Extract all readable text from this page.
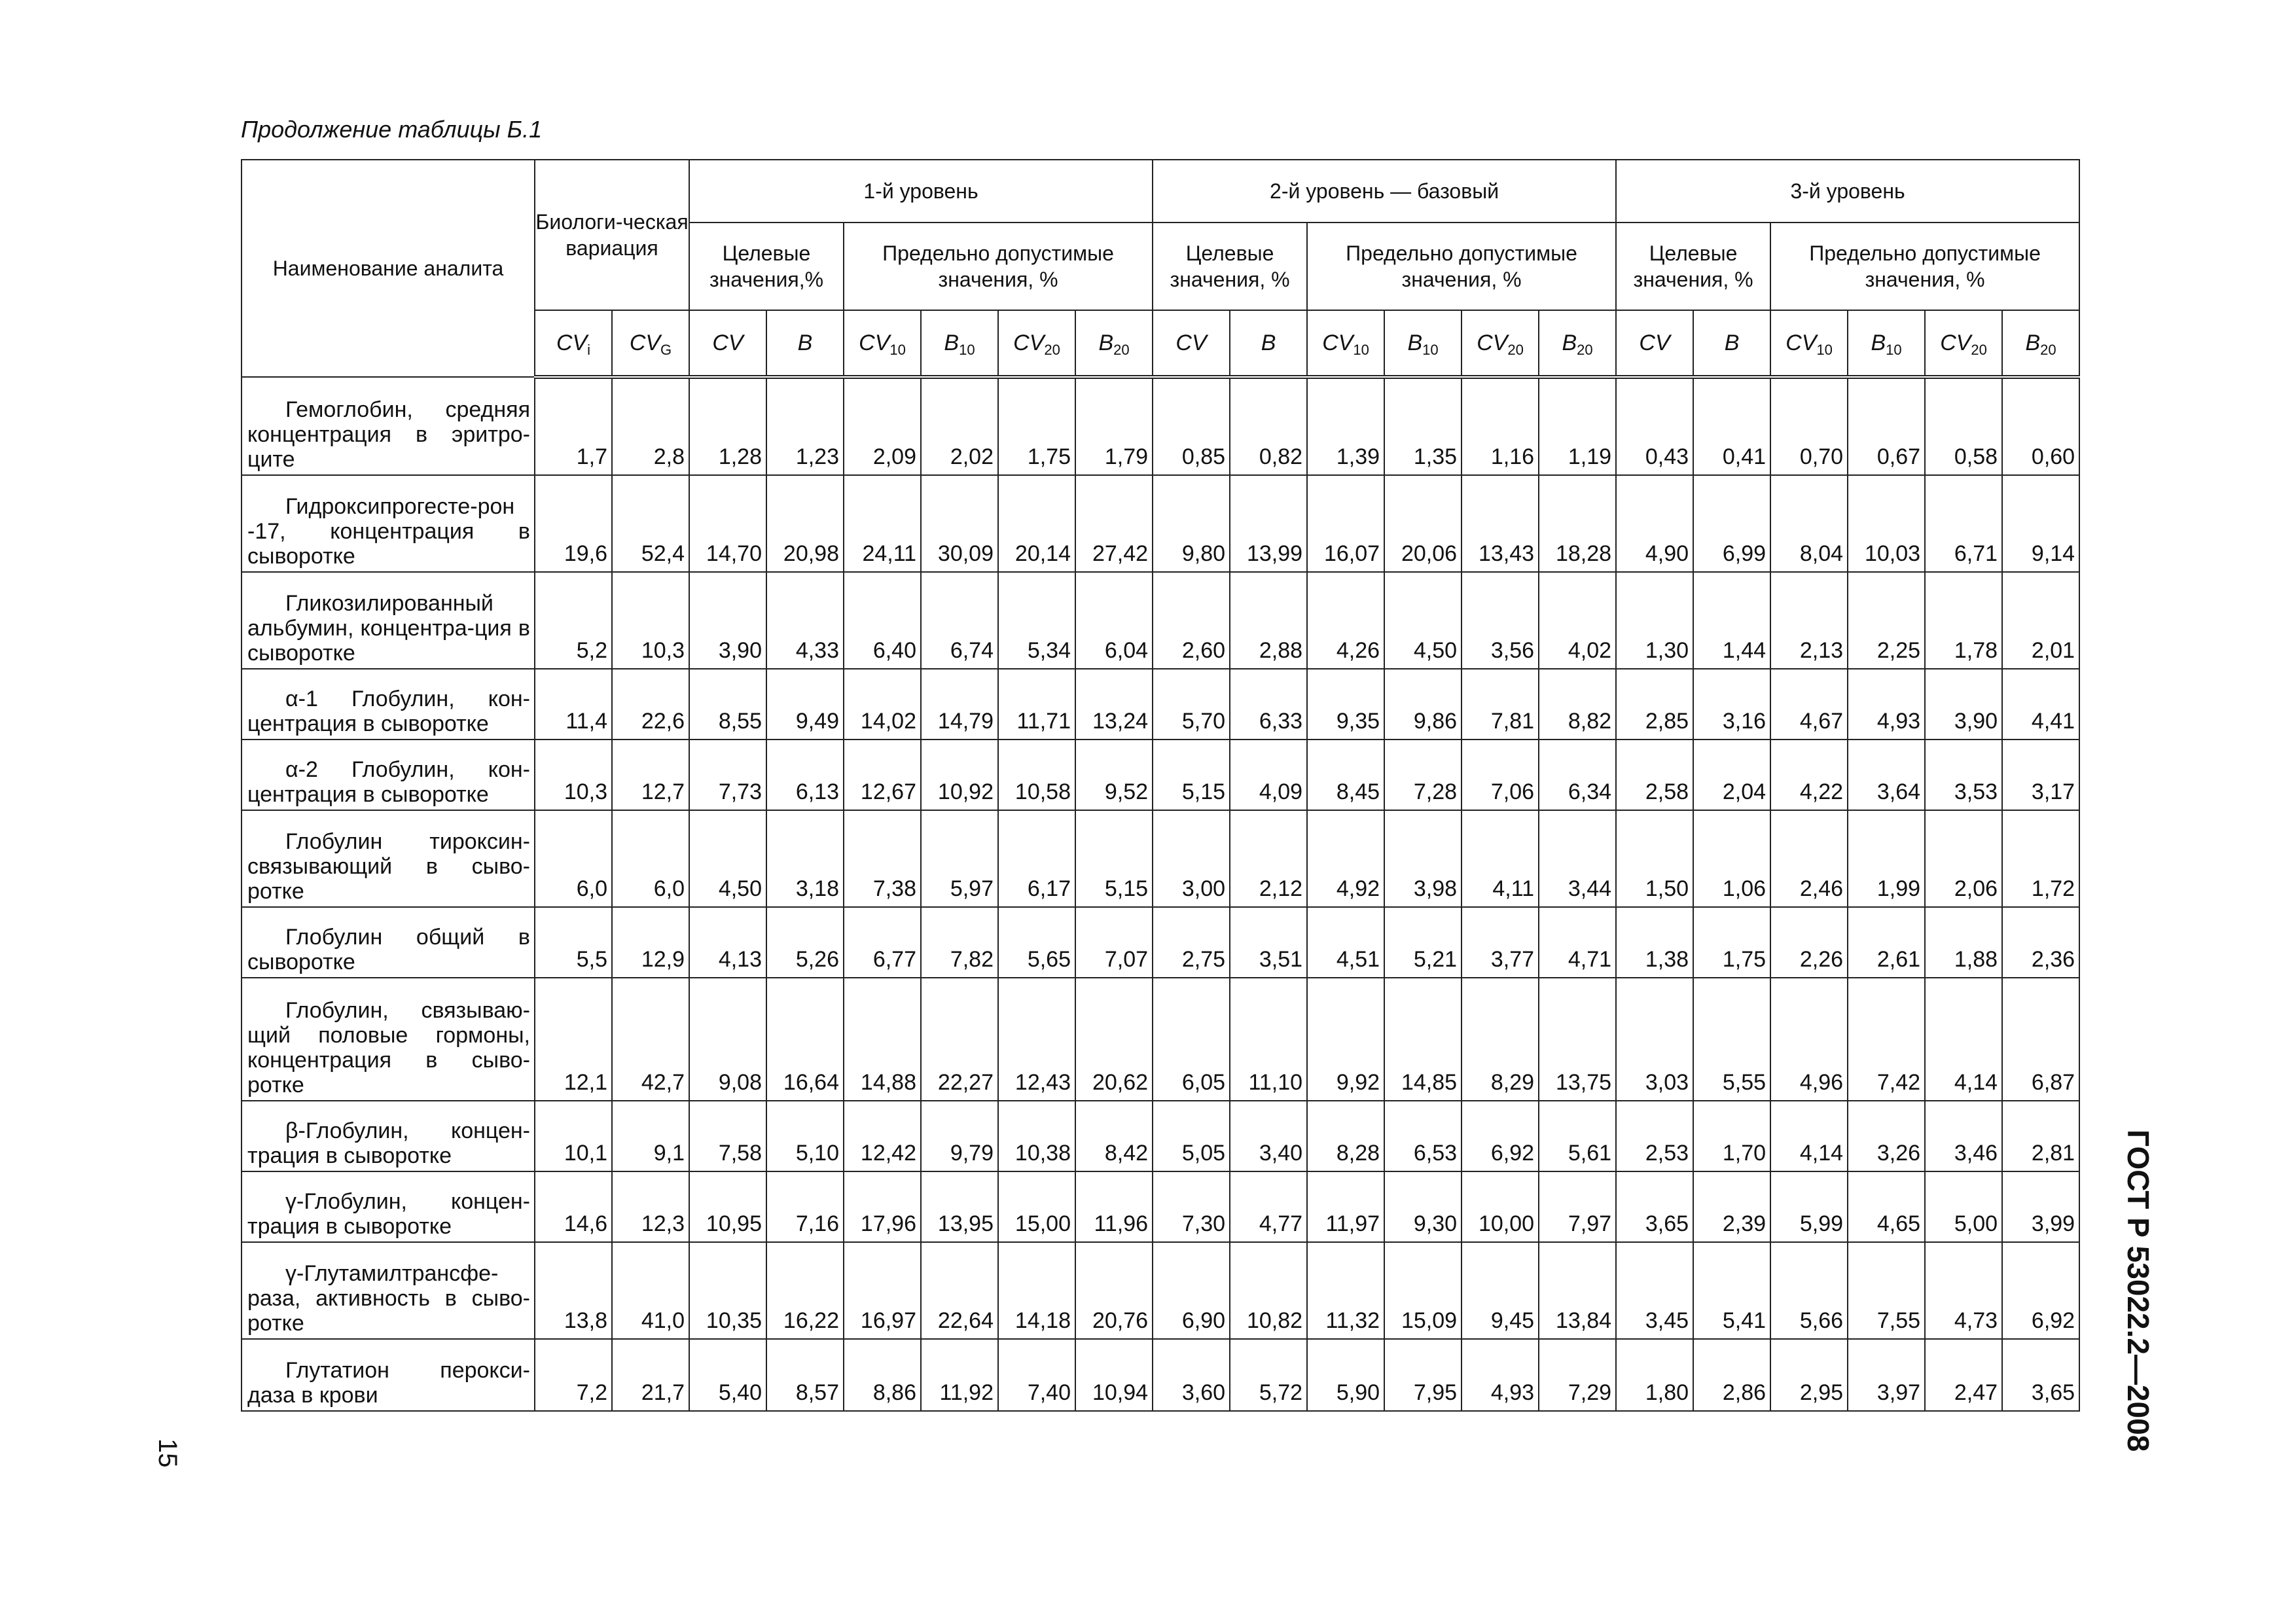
Продолжение таблицы Б.1
Наименование аналита	Биологи-ческая вариация		1-й уровень						2-й уровень — базовый						3-й уровень					
			Целевые значения,%		Предельно допустимые значения, %				Целевые значения, %		Предельно допустимые значения, %				Целевые значения, %		Предельно допустимые значения, %			
	$CV_i$	$CV_G$	CV	B	$CV_{10}$	$B_{10}$	$CV_{20}$	$B_{20}$	CV	B	$CV_{10}$	$B_{10}$	$CV_{20}$	$B_{20}$	CV	B	$CV_{10}$	$B_{10}$	$CV_{20}$	$B_{20}$
Гемоглобин, средняя концентрация в эритро-ците	1,7	2,8	1,28	1,23	2,09	2,02	1,75	1,79	0,85	0,82	1,39	1,35	1,16	1,19	0,43	0,41	0,70	0,67	0,58	0,60
Гидроксипрогесте-рон -17, концентрация в сыворотке	19,6	52,4	14,70	20,98	24,11	30,09	20,14	27,42	9,80	13,99	16,07	20,06	13,43	18,28	4,90	6,99	8,04	10,03	6,71	9,14
Гликозилированный альбумин, концентра-ция в сыворотке	5,2	10,3	3,90	4,33	6,40	6,74	5,34	6,04	2,60	2,88	4,26	4,50	3,56	4,02	1,30	1,44	2,13	2,25	1,78	2,01
α-1 Глобулин, кон-центрация в сыворотке	11,4	22,6	8,55	9,49	14,02	14,79	11,71	13,24	5,70	6,33	9,35	9,86	7,81	8,82	2,85	3,16	4,67	4,93	3,90	4,41
α-2 Глобулин, кон-центрация в сыворотке	10,3	12,7	7,73	6,13	12,67	10,92	10,58	9,52	5,15	4,09	8,45	7,28	7,06	6,34	2,58	2,04	4,22	3,64	3,53	3,17
Глобулин тироксин-связывающий в сыво-ротке	6,0	6,0	4,50	3,18	7,38	5,97	6,17	5,15	3,00	2,12	4,92	3,98	4,11	3,44	1,50	1,06	2,46	1,99	2,06	1,72
Глобулин общий в сыворотке	5,5	12,9	4,13	5,26	6,77	7,82	5,65	7,07	2,75	3,51	4,51	5,21	3,77	4,71	1,38	1,75	2,26	2,61	1,88	2,36
Глобулин, связываю-щий половые гормоны, концентрация в сыво-ротке	12,1	42,7	9,08	16,64	14,88	22,27	12,43	20,62	6,05	11,10	9,92	14,85	8,29	13,75	3,03	5,55	4,96	7,42	4,14	6,87
β-Глобулин, концен-трация в сыворотке	10,1	9,1	7,58	5,10	12,42	9,79	10,38	8,42	5,05	3,40	8,28	6,53	6,92	5,61	2,53	1,70	4,14	3,26	3,46	2,81
γ-Глобулин, концен-трация в сыворотке	14,6	12,3	10,95	7,16	17,96	13,95	15,00	11,96	7,30	4,77	11,97	9,30	10,00	7,97	3,65	2,39	5,99	4,65	5,00	3,99
γ-Глутамилтрансфе-раза, активность в сыво-ротке	13,8	41,0	10,35	16,22	16,97	22,64	14,18	20,76	6,90	10,82	11,32	15,09	9,45	13,84	3,45	5,41	5,66	7,55	4,73	6,92
Глутатион перокси-даза в крови	7,2	21,7	5,40	8,57	8,86	11,92	7,40	10,94	3,60	5,72	5,90	7,95	4,93	7,29	1,80	2,86	2,95	3,97	2,47	3,65
15
ГОСТ Р 53022.2—2008
